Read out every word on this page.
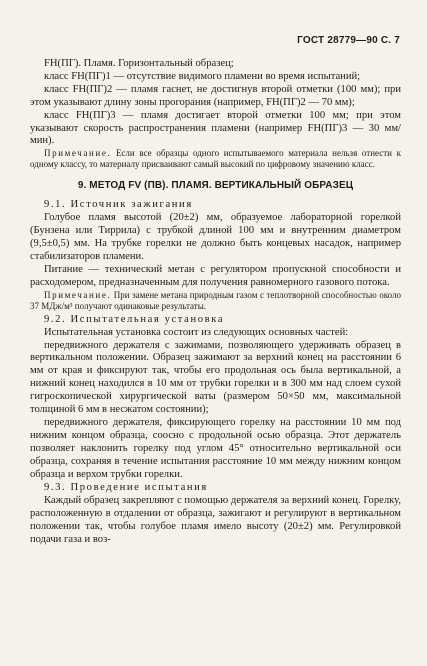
ГОСТ 28779—90 С. 7

FH(ПГ). Пламя. Горизонтальный образец;

класс FH(ПГ)1 — отсутствие видимого пламени во время испытаний;

класс FH(ПГ)2 — пламя гаснет, не достигнув второй отметки (100 мм); при этом указывают длину зоны прогорания (например, FH(ПГ)2 — 70 мм);

класс FH(ПГ)3 — пламя достигает второй отметки 100 мм; при этом указывают скорость распространения пламени (например FH(ПГ)3 — 30 мм/мин).

Примечание. Если все образцы одного испытываемого материала нельзя отнести к одному классу, то материалу присваивают самый высокий по цифровому значению класс.

9. МЕТОД FV (ПВ). ПЛАМЯ. ВЕРТИКАЛЬНЫЙ ОБРАЗЕЦ

9.1. Источник зажигания

Голубое пламя высотой (20±2) мм, образуемое лабораторной горелкой (Бунзена или Тиррила) с трубкой длиной 100 мм и внутренним диаметром (9,5±0,5) мм. На трубке горелки не должно быть концевых насадок, например стабилизаторов пламени.

Питание — технический метан с регулятором пропускной способности и расходомером, предназначенным для получения равномерного газового потока.

Примечание. При замене метана природным газом с теплотворной способностью около 37 МДж/м³ получают одинаковые результаты.

9.2. Испытательная установка

Испытательная установка состоит из следующих основных частей:

передвижного держателя с зажимами, позволяющего удерживать образец в вертикальном положении. Образец зажимают за верхний конец на расстоянии 6 мм от края и фиксируют так, чтобы его продольная ось была вертикальной, а нижний конец находился в 10 мм от трубки горелки и в 300 мм над слоем сухой гигроскопической хирургической ваты (размером 50×50 мм, максимальной толщиной 6 мм в несжатом состоянии);

передвижного держателя, фиксирующего горелку на расстоянии 10 мм под нижним концом образца, соосно с продольной осью образца. Этот держатель позволяет наклонить горелку под углом 45° относительно вертикальной оси образца, сохраняя в течение испытания расстояние 10 мм между нижним концом образца и верхом трубки горелки.

9.3. Проведение испытания

Каждый образец закрепляют с помощью держателя за верхний конец. Горелку, расположенную в отдалении от образца, зажигают и регулируют в вертикальном положении так, чтобы голубое пламя имело высоту (20±2) мм. Регулировкой подачи газа и воз-
